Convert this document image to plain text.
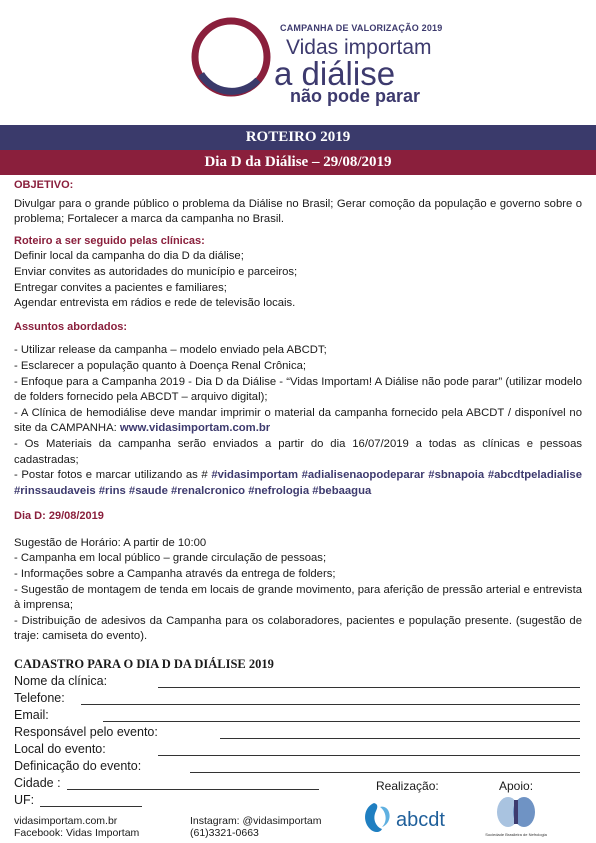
CAMPANHA DE VALORIZAÇÃO 2019
Vidas importam
a diálise
não pode parar
ROTEIRO 2019
Dia D da Diálise – 29/08/2019
OBJETIVO:
Divulgar para o grande público o problema da Diálise no Brasil; Gerar comoção da população e governo sobre o problema; Fortalecer a marca da campanha no Brasil.
Roteiro a ser seguido pelas clínicas:
Definir local da campanha do dia D da diálise;
Enviar convites as autoridades do município e parceiros;
Entregar convites a pacientes e familiares;
Agendar entrevista em rádios e rede de televisão locais.
Assuntos abordados:
- Utilizar release da campanha – modelo enviado pela ABCDT;
- Esclarecer a população quanto à Doença Renal Crônica;
- Enfoque para a Campanha 2019 - Dia D da Diálise - “Vidas Importam! A Diálise não pode parar” (utilizar modelo de folders fornecido pela ABCDT – arquivo digital);
- A Clínica de hemodiálise deve mandar imprimir o material da campanha fornecido pela ABCDT / disponível no site da CAMPANHA: www.vidasimportam.com.br
- Os Materiais da campanha serão enviados a partir do dia 16/07/2019 a todas as clínicas e pessoas cadastradas;
- Postar fotos e marcar utilizando as # #vidasimportam #adialisenaopodeparar #sbnapoia #abcdtpeladialise #rinssaudaveis #rins #saude #renalcronico #nefrologia #bebaagua
Dia D: 29/08/2019
Sugestão de Horário: A partir de 10:00
- Campanha em local público – grande circulação de pessoas;
- Informações sobre a Campanha através da entrega de folders;
- Sugestão de montagem de tenda em locais de grande movimento, para aferição de pressão arterial e entrevista à imprensa;
- Distribuição de adesivos da Campanha para os colaboradores, pacientes e população presente. (sugestão de traje: camiseta do evento).
CADASTRO PARA O DIA D DA DIÁLISE 2019
Nome da clínica:
Telefone:
Email:
Responsável pelo evento:
Local do evento:
Definicação do evento:
Cidade :
UF:
Realização:	Apoio:
abcdt
Sociedade Brasileira de Nefrologia
vidasimportam.com.br
Facebook: Vidas Importam
Instagram: @vidasimportam
(61)3321-0663
